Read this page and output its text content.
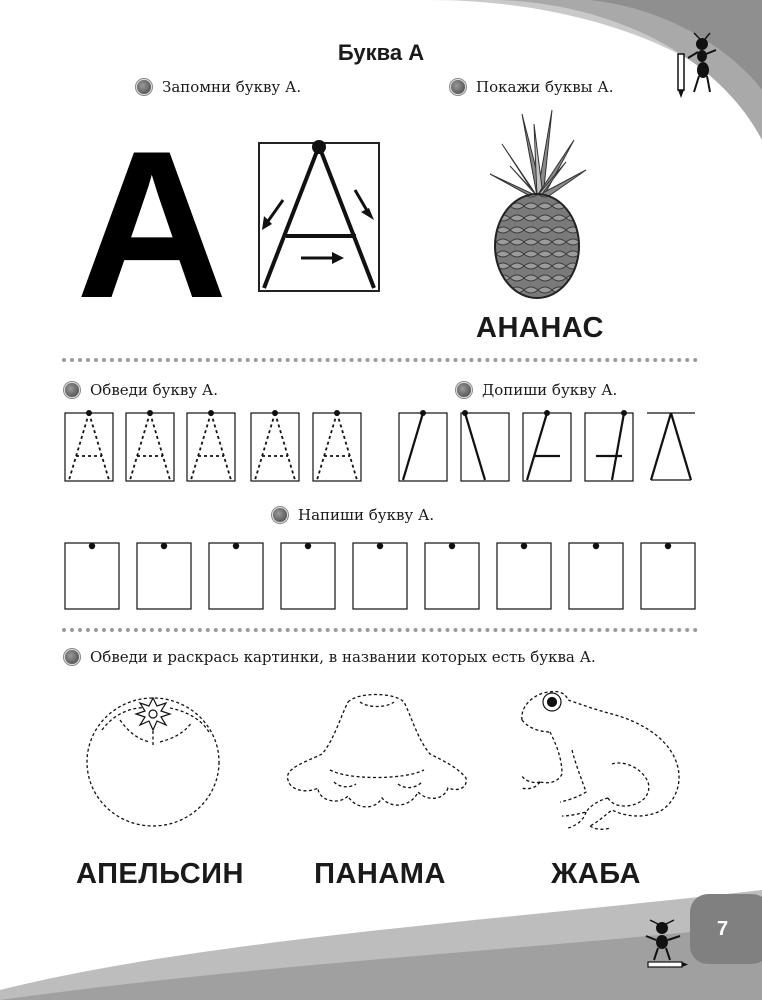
7
Буква А
Запомни букву А.	Покажи буквы А.
А	АНАНАС
Обведи букву А.	Допиши букву А.
Напиши букву А.
Обведи и раскрась картинки, в названии которых есть буква А.
АПЕЛЬСИН	ПАНАМА	ЖАБА
